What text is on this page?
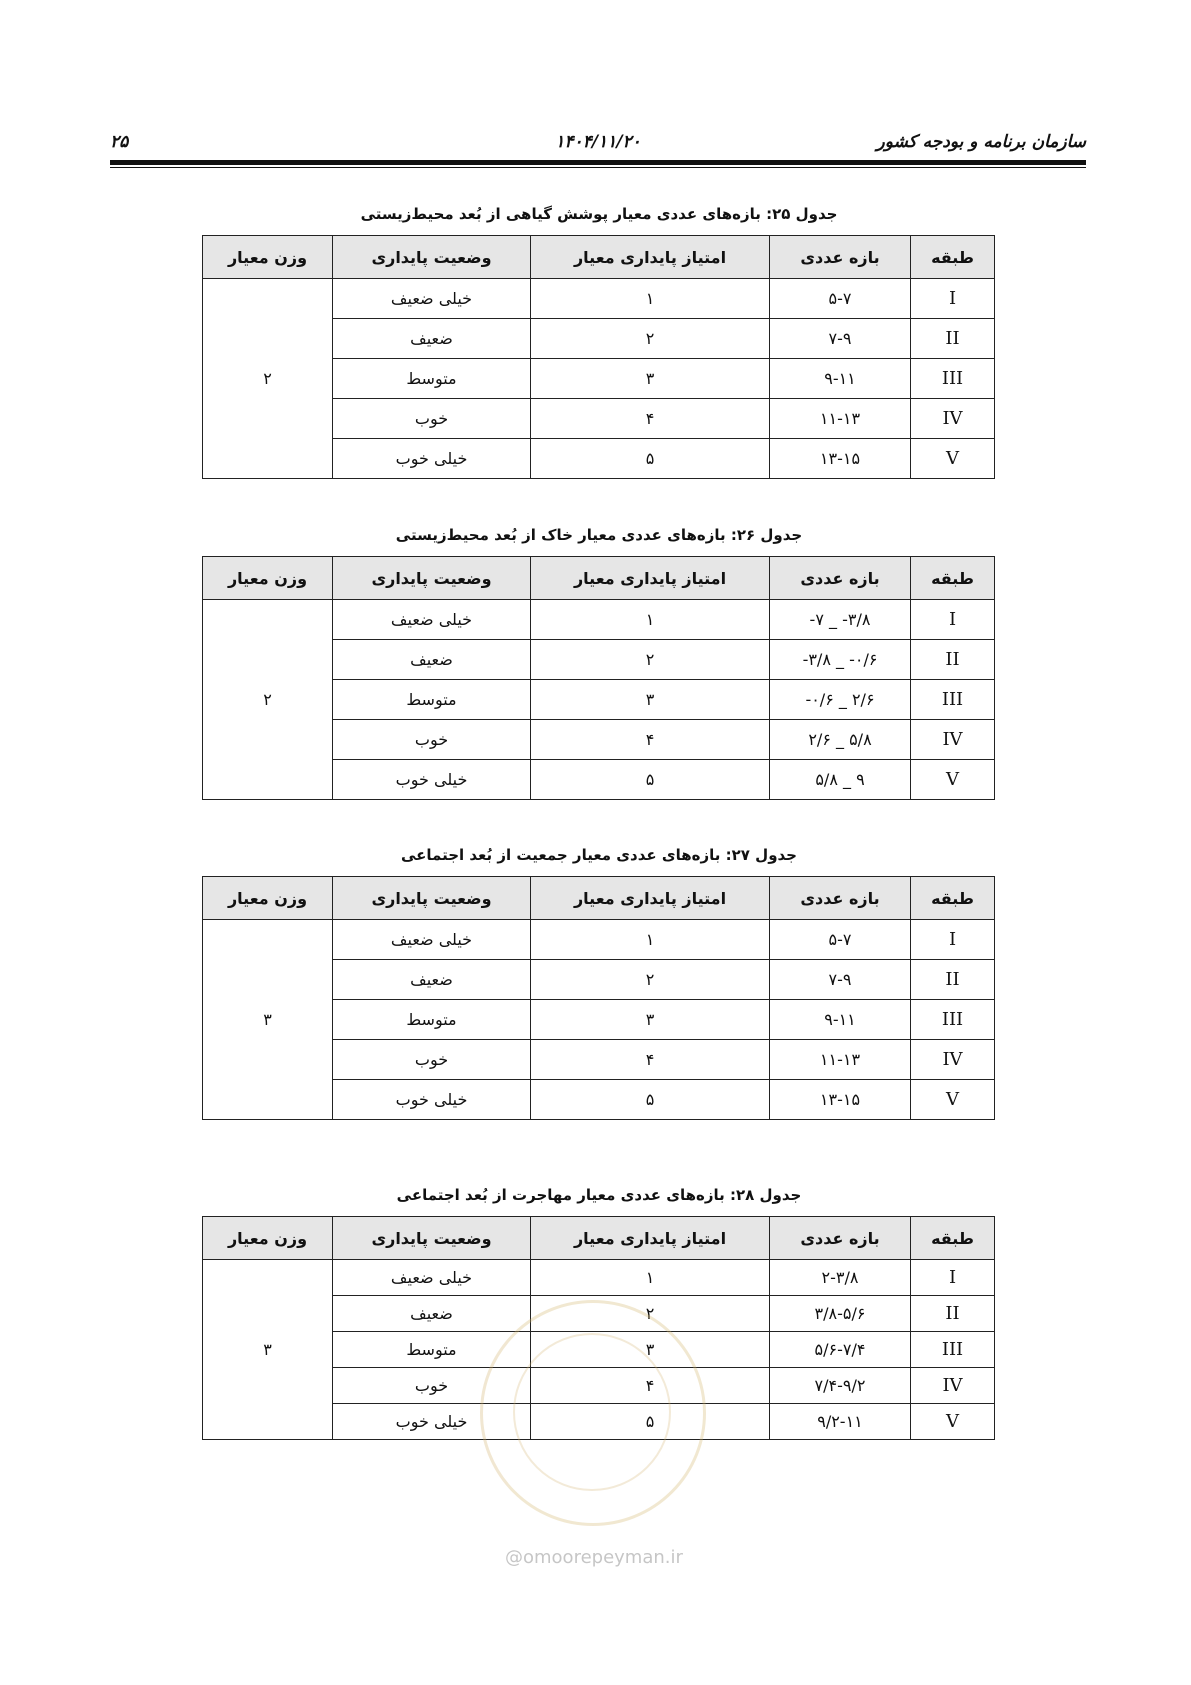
سازمان برنامه و بودجه کشور
۱۴۰۴/۱۱/۲۰
۲۵
جدول ۲۵: بازه‌های عددی معیار پوشش گیاهی از بُعد محیط‌زیستی
طبقه	بازه عددی	امتیاز پایداری معیار	وضعیت پایداری	وزن معیار
I	۵-۷	۱	خیلی ضعیف	۲
II	۷-۹	۲	ضعیف	
III	۹-۱۱	۳	متوسط	
IV	۱۱-۱۳	۴	خوب	
V	۱۳-۱۵	۵	خیلی خوب	
جدول ۲۶: بازه‌های عددی معیار خاک از بُعد محیط‌زیستی
طبقه	بازه عددی	امتیاز پایداری معیار	وضعیت پایداری	وزن معیار
I	-۷ _ -۳/۸	۱	خیلی ضعیف	۲
II	-۳/۸ _ -۰/۶	۲	ضعیف	
III	-۰/۶ _ ۲/۶	۳	متوسط	
IV	۲/۶ _ ۵/۸	۴	خوب	
V	۵/۸ _ ۹	۵	خیلی خوب	
جدول ۲۷: بازه‌های عددی معیار جمعیت از بُعد اجتماعی
طبقه	بازه عددی	امتیاز پایداری معیار	وضعیت پایداری	وزن معیار
I	۵-۷	۱	خیلی ضعیف	۳
II	۷-۹	۲	ضعیف	
III	۹-۱۱	۳	متوسط	
IV	۱۱-۱۳	۴	خوب	
V	۱۳-۱۵	۵	خیلی خوب	
جدول ۲۸: بازه‌های عددی معیار مهاجرت از بُعد اجتماعی
طبقه	بازه عددی	امتیاز پایداری معیار	وضعیت پایداری	وزن معیار
I	۲-۳/۸	۱	خیلی ضعیف	۳
II	۳/۸-۵/۶	۲	ضعیف	
III	۵/۶-۷/۴	۳	متوسط	
IV	۷/۴-۹/۲	۴	خوب	
V	۹/۲-۱۱	۵	خیلی خوب	
@omoorepeyman.ir
